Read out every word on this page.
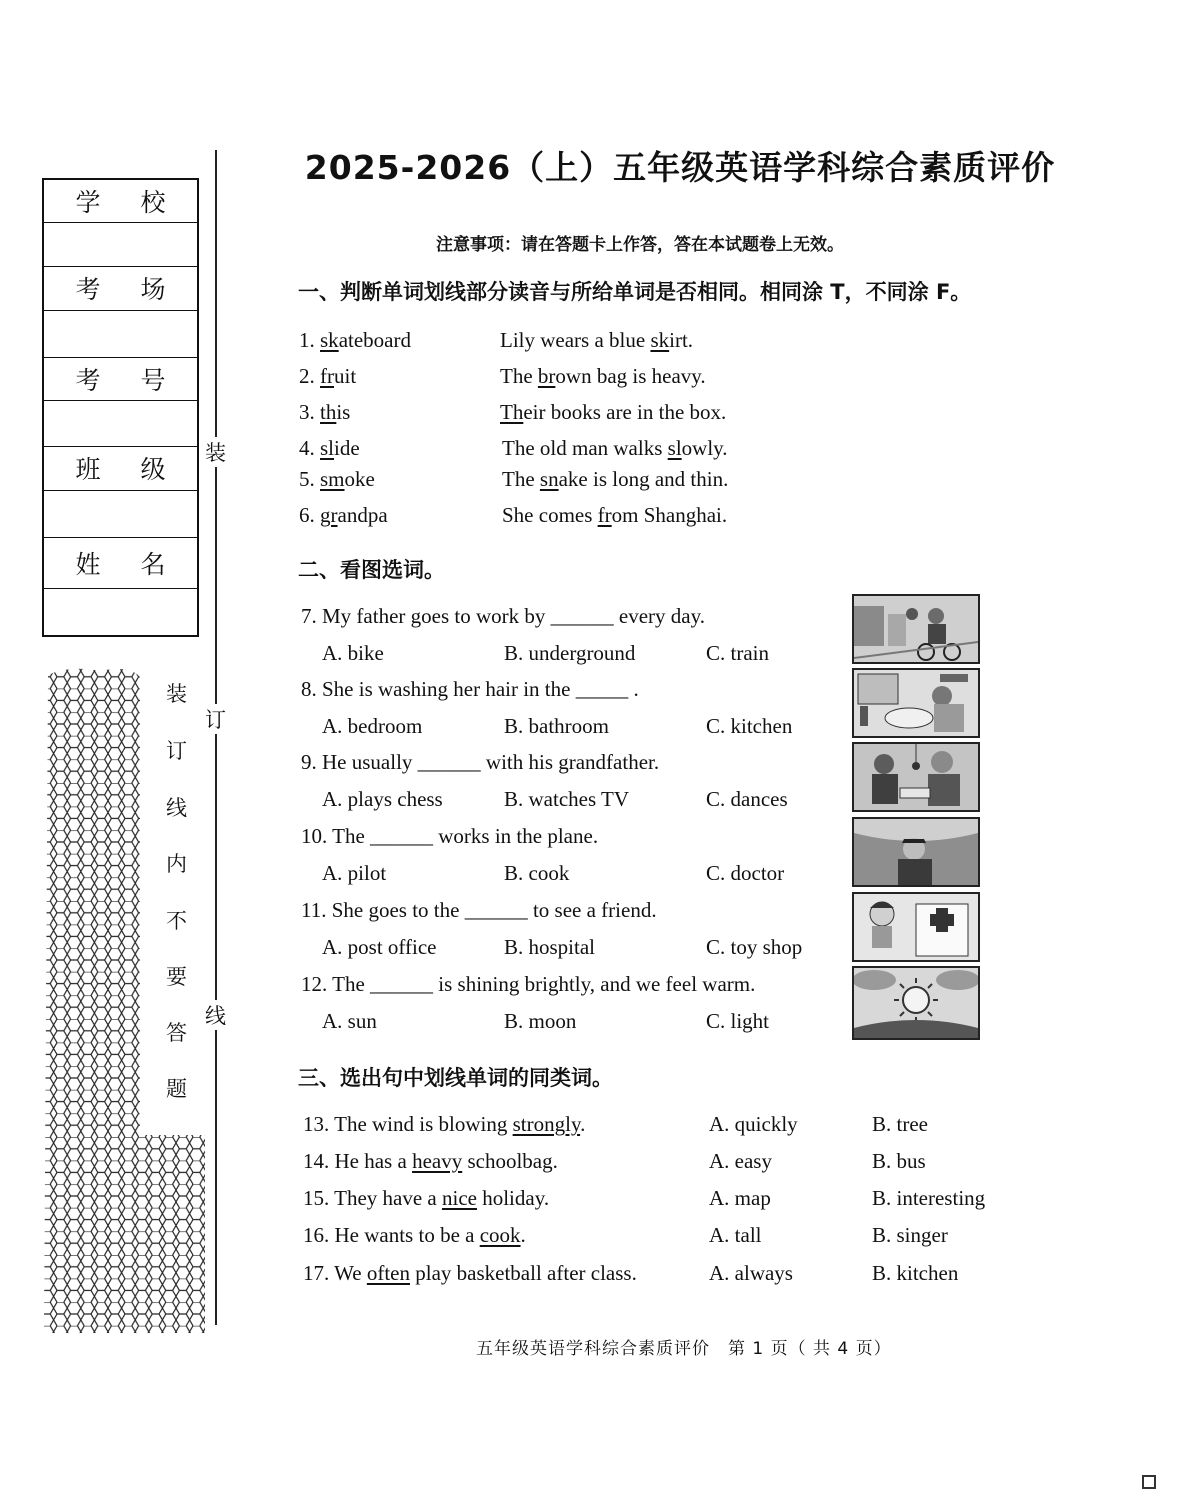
学 校
考 场
考 号
班 级
姓 名
装
订
线
装
订
线
内
不
要
答
题
2025-2026（上）五年级英语学科综合素质评价
注意事项：请在答题卡上作答，答在本试题卷上无效。
一、判断单词划线部分读音与所给单词是否相同。相同涂 T，不同涂 F。
二、看图选词。
三、选出句中划线单词的同类词。
五年级英语学科综合素质评价　第 1 页（ 共 4 页）
1. skateboard	Lily wears a blue skirt.
2. fruit	The brown bag is heavy.
3. this	Their books are in the box.
4. slide	The old man walks slowly.
5. smoke	The snake is long and thin.
6. grandpa	She comes from Shanghai.
7. My father goes to work by ______ every day.
A. bike	B. underground	C. train
8. She is washing her hair in the _____ .
A. bedroom	B. bathroom	C. kitchen
9. He usually ______ with his grandfather.
A. plays chess	B. watches TV	C. dances
10. The ______ works in the plane.
A. pilot	B. cook	C. doctor
11. She goes to the ______ to see a friend.
A. post office	B. hospital	C. toy shop
12. The ______ is shining brightly, and we feel warm.
A. sun	B. moon	C. light
13. The wind is blowing strongly.	A. quickly	B. tree
14. He has a heavy schoolbag.	A. easy	B. bus
15. They have a nice holiday.	A. map	B. interesting
16. He wants to be a cook.	A. tall	B. singer
17. We often play basketball after class.	A. always	B. kitchen
